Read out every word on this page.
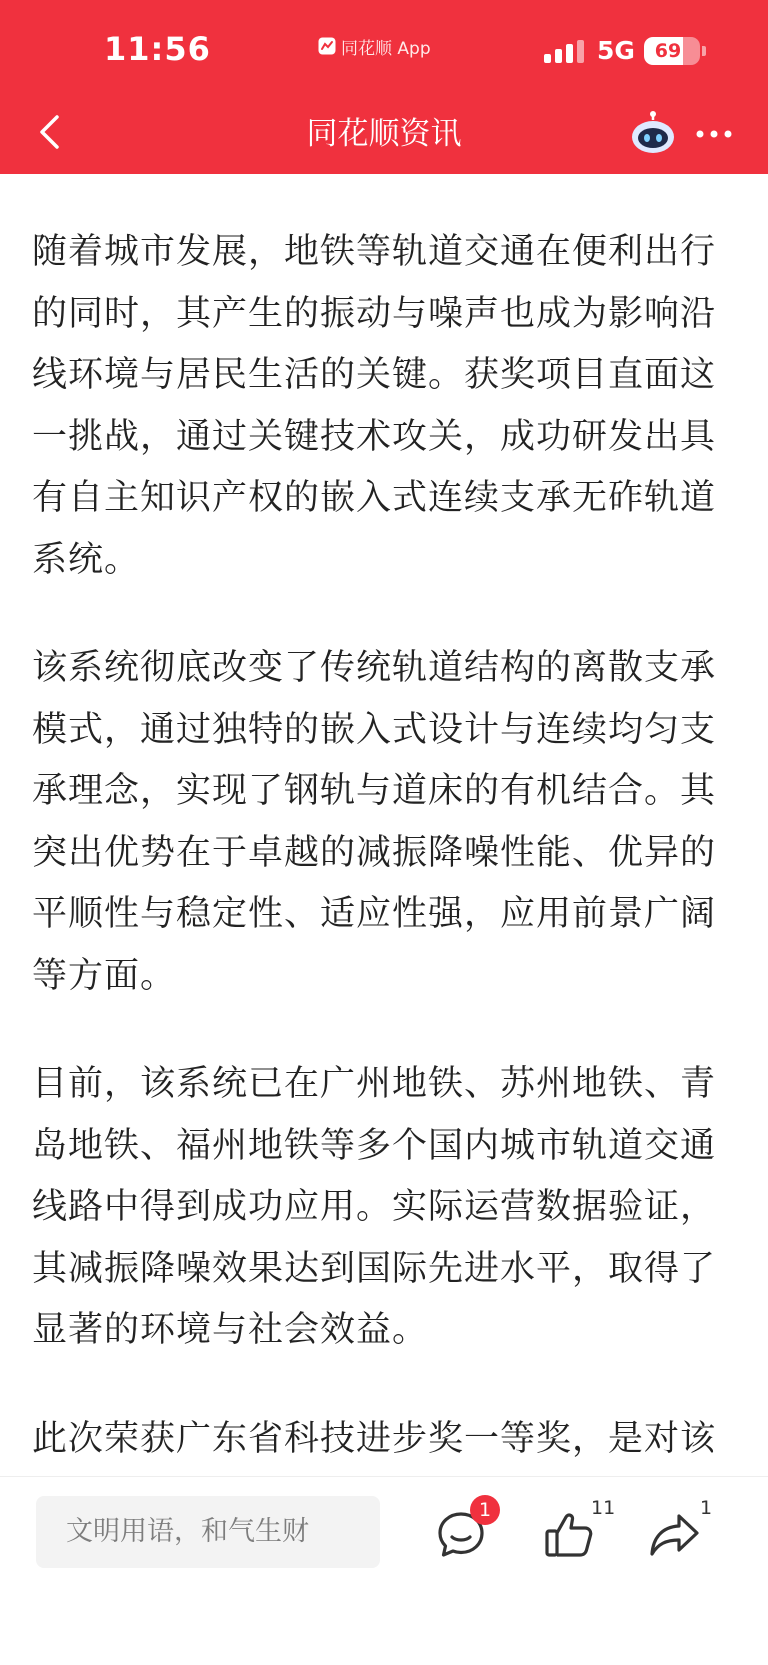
11:56	同花顺 App	5G	69
同花顺资讯

随着城市发展，地铁等轨道交通在便利出行的同时，其产生的振动与噪声也成为影响沿线环境与居民生活的关键。获奖项目直面这一挑战，通过关键技术攻关，成功研发出具有自主知识产权的嵌入式连续支承无砟轨道系统。

该系统彻底改变了传统轨道结构的离散支承模式，通过独特的嵌入式设计与连续均匀支承理念，实现了钢轨与道床的有机结合。其突出优势在于卓越的减振降噪性能、优异的平顺性与稳定性、适应性强，应用前景广阔等方面。

目前，该系统已在广州地铁、苏州地铁、青岛地铁、福州地铁等多个国内城市轨道交通线路中得到成功应用。实际运营数据验证，其减振降噪效果达到国际先进水平，取得了显著的环境与社会效益。

此次荣获广东省科技进步奖一等奖，是对该

文明用语，和气生财
1	11	1
